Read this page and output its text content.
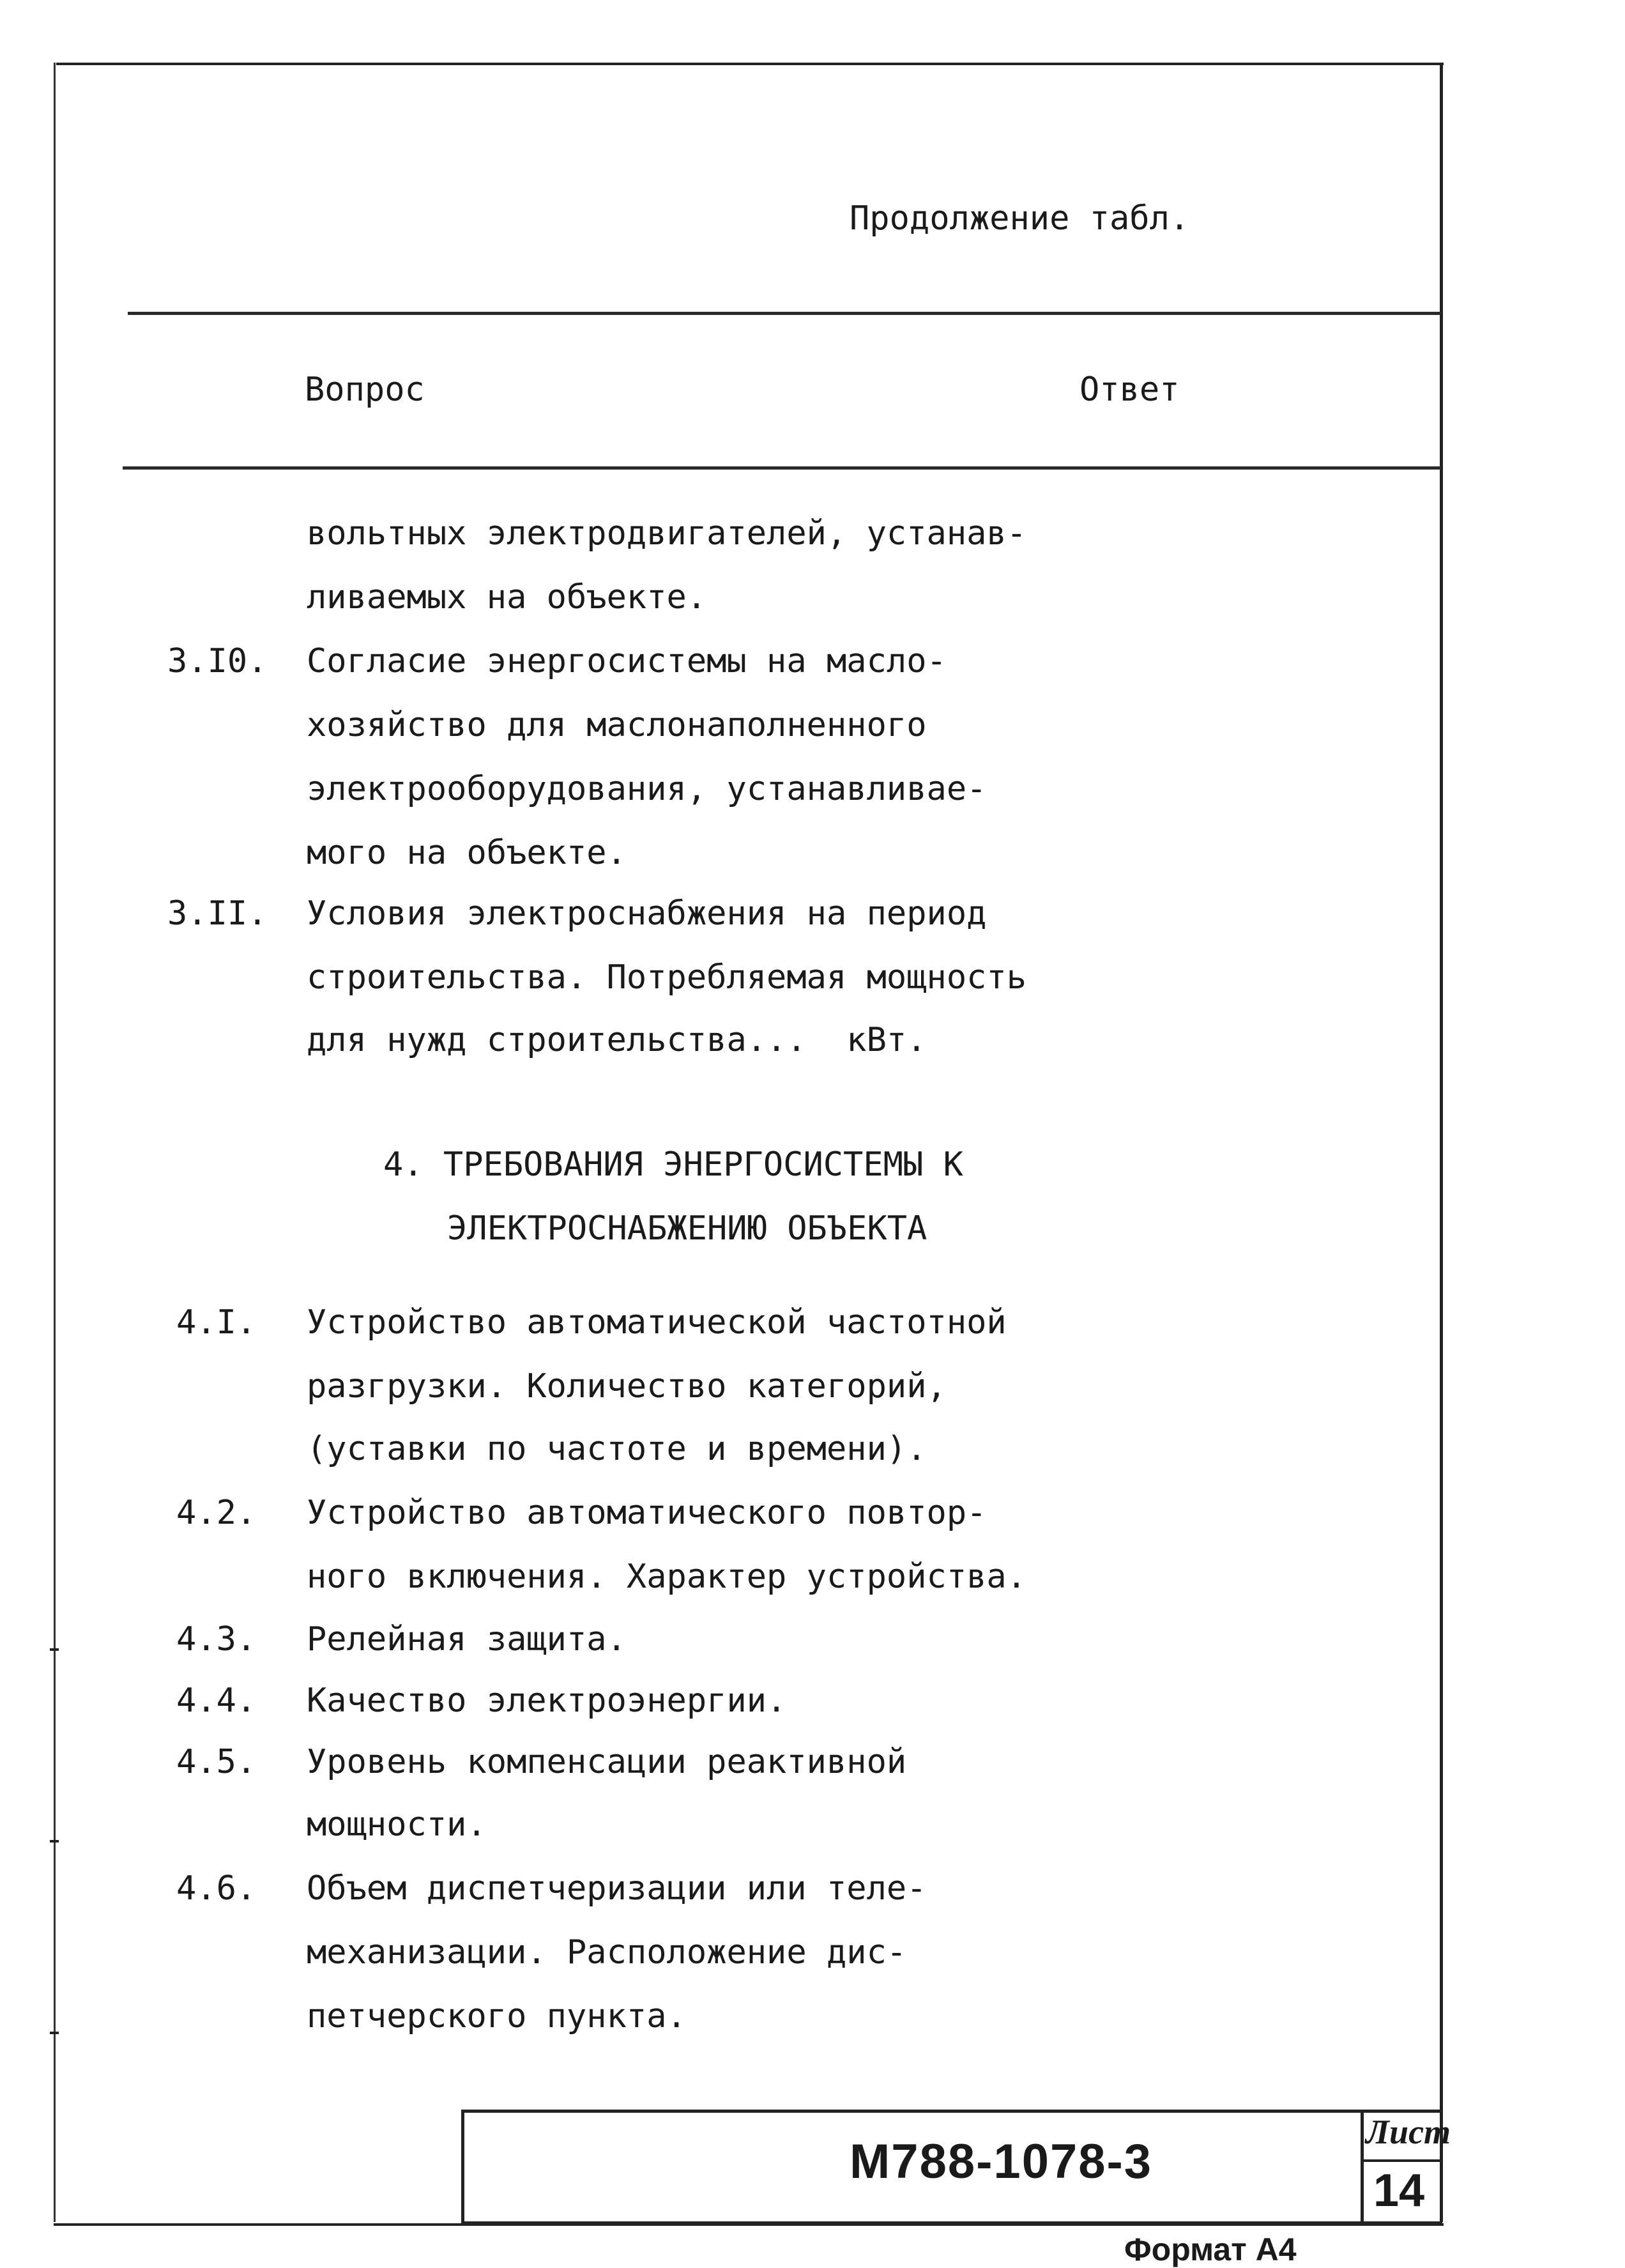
Продолжение табл.
Вопрос	Ответ
вольтных электродвигателей, устанав-
ливаемых на объекте.
3.I0. Согласие энергосистемы на масло-
хозяйство для маслонаполненного
электрооборудования, устанавливае-
мого на объекте.
3.II. Условия электроснабжения на период
строительства. Потребляемая мощность
для нужд строительства...  кВт.
4. ТРЕБОВАНИЯ ЭНЕРГОСИСТЕМЫ К
ЭЛЕКТРОСНАБЖЕНИЮ ОБЪЕКТА
4.I. Устройство автоматической частотной
разгрузки. Количество категорий,
(уставки по частоте и времени).
4.2. Устройство автоматического повтор-
ного включения. Характер устройства.
4.3. Релейная защита.
4.4. Качество электроэнергии.
4.5. Уровень компенсации реактивной
мощности.
4.6. Объем диспетчеризации или теле-
механизации. Расположение дис-
петчерского пункта.
М788-1078-3
Лист
14
Формат А4
